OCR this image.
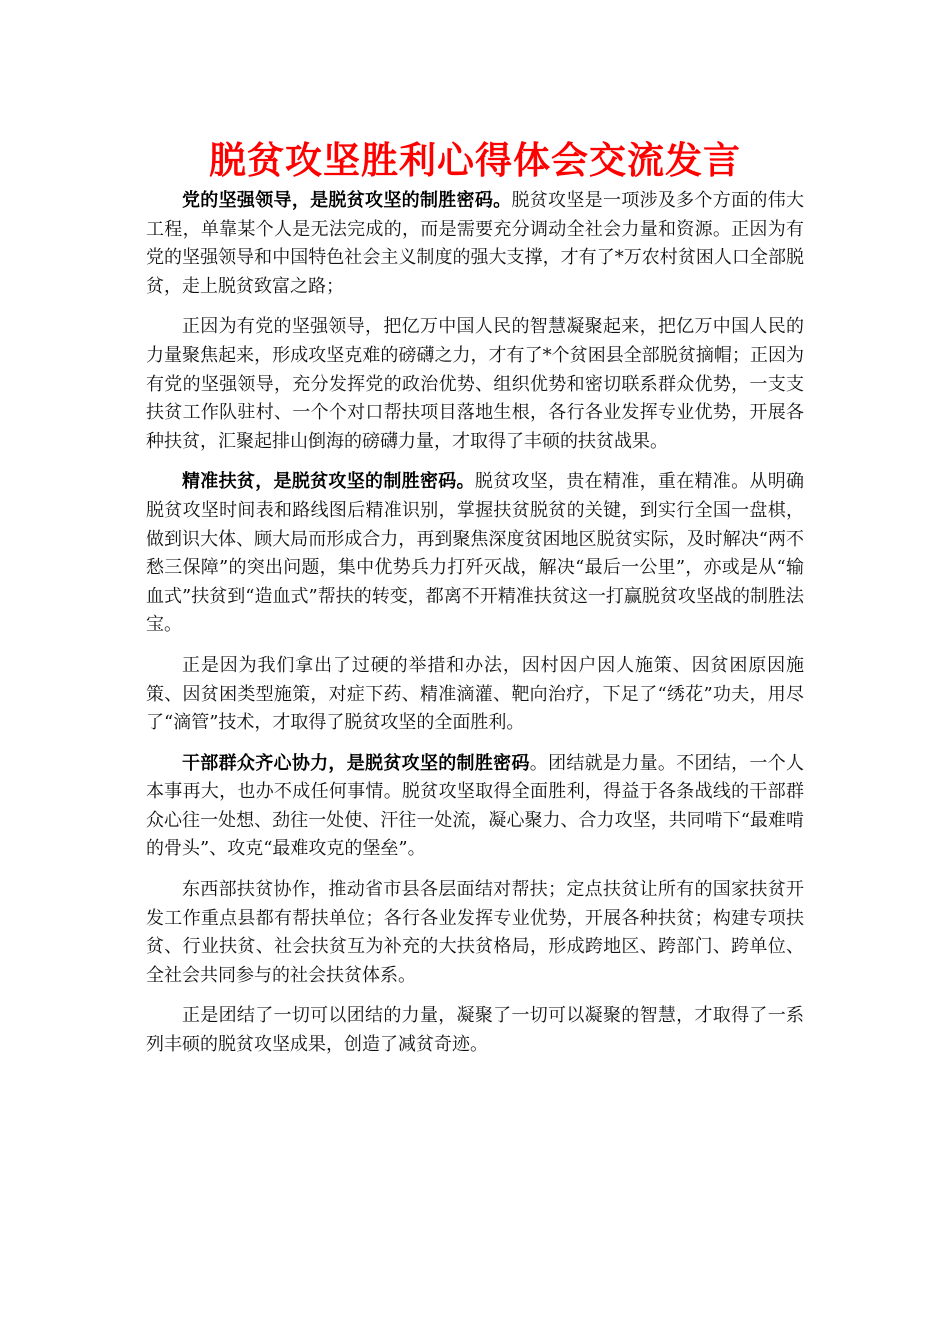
脱贫攻坚胜利心得体会交流发言

党的坚强领导，是脱贫攻坚的制胜密码。脱贫攻坚是一项涉及多个方面的伟大工程，单靠某个人是无法完成的，而是需要充分调动全社会力量和资源。正因为有党的坚强领导和中国特色社会主义制度的强大支撑，才有了*万农村贫困人口全部脱贫，走上脱贫致富之路；

正因为有党的坚强领导，把亿万中国人民的智慧凝聚起来，把亿万中国人民的力量聚焦起来，形成攻坚克难的磅礴之力，才有了*个贫困县全部脱贫摘帽；正因为有党的坚强领导，充分发挥党的政治优势、组织优势和密切联系群众优势，一支支扶贫工作队驻村、一个个对口帮扶项目落地生根，各行各业发挥专业优势，开展各种扶贫，汇聚起排山倒海的磅礴力量，才取得了丰硕的扶贫战果。

精准扶贫，是脱贫攻坚的制胜密码。脱贫攻坚，贵在精准，重在精准。从明确脱贫攻坚时间表和路线图后精准识别，掌握扶贫脱贫的关键，到实行全国一盘棋，做到识大体、顾大局而形成合力，再到聚焦深度贫困地区脱贫实际，及时解决“两不愁三保障”的突出问题，集中优势兵力打歼灭战，解决“最后一公里”，亦或是从“输血式”扶贫到“造血式”帮扶的转变，都离不开精准扶贫这一打赢脱贫攻坚战的制胜法宝。

正是因为我们拿出了过硬的举措和办法，因村因户因人施策、因贫困原因施策、因贫困类型施策，对症下药、精准滴灌、靶向治疗，下足了“绣花”功夫，用尽了“滴管”技术，才取得了脱贫攻坚的全面胜利。

干部群众齐心协力，是脱贫攻坚的制胜密码。团结就是力量。不团结，一个人本事再大，也办不成任何事情。脱贫攻坚取得全面胜利，得益于各条战线的干部群众心往一处想、劲往一处使、汗往一处流，凝心聚力、合力攻坚，共同啃下“最难啃的骨头”、攻克“最难攻克的堡垒”。

东西部扶贫协作，推动省市县各层面结对帮扶；定点扶贫让所有的国家扶贫开发工作重点县都有帮扶单位；各行各业发挥专业优势，开展各种扶贫；构建专项扶贫、行业扶贫、社会扶贫互为补充的大扶贫格局，形成跨地区、跨部门、跨单位、全社会共同参与的社会扶贫体系。

正是团结了一切可以团结的力量，凝聚了一切可以凝聚的智慧，才取得了一系列丰硕的脱贫攻坚成果，创造了减贫奇迹。
